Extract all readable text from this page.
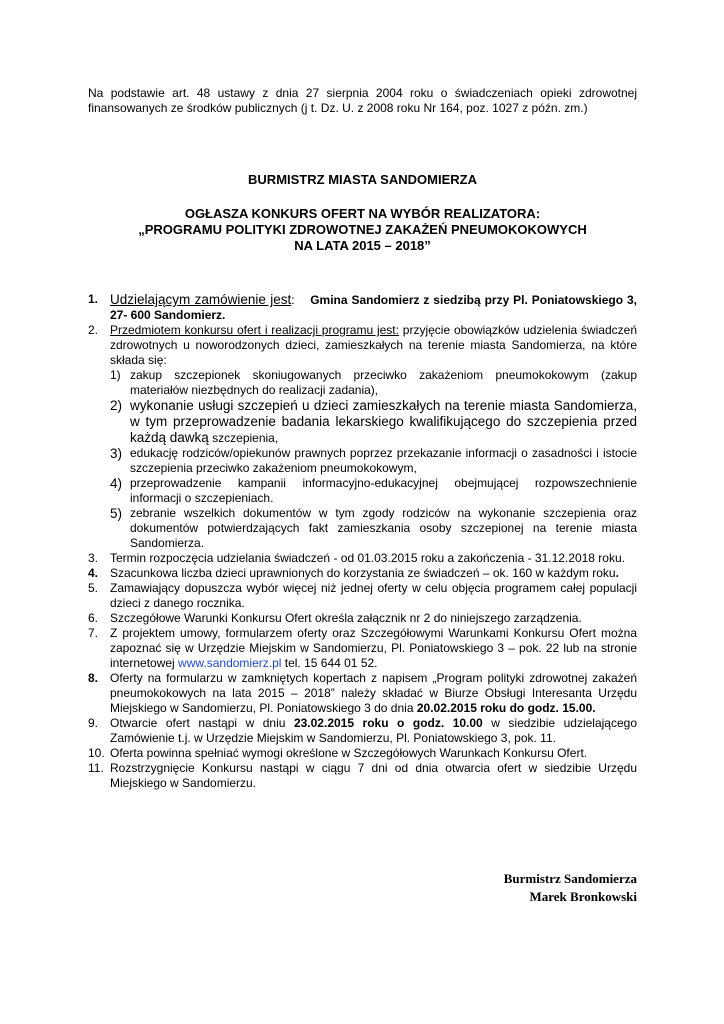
Na podstawie art. 48 ustawy z dnia 27 sierpnia 2004 roku o świadczeniach opieki zdrowotnej finansowanych ze środków publicznych (j t. Dz. U. z 2008 roku Nr 164, poz. 1027 z późn. zm.)

BURMISTRZ MIASTA SANDOMIERZA

OGŁASZA KONKURS OFERT NA WYBÓR REALIZATORA:
„PROGRAMU POLITYKI ZDROWOTNEJ ZAKAŻEŃ PNEUMOKOKOWYCH
NA LATA 2015 – 2018”

1. Udzielającym zamówienie jest: Gmina Sandomierz z siedzibą przy Pl. Poniatowskiego 3, 27- 600 Sandomierz.

2. Przedmiotem konkursu ofert i realizacji programu jest: przyjęcie obowiązków udzielenia świadczeń zdrowotnych u noworodzonych dzieci, zamieszkałych na terenie miasta Sandomierza, na które składa się:

1) zakup szczepionek skoniugowanych przeciwko zakażeniom pneumokokowym (zakup materiałów niezbędnych do realizacji zadania),

2) wykonanie usługi szczepień u dzieci zamieszkałych na terenie miasta Sandomierza, w tym przeprowadzenie badania lekarskiego kwalifikującego do szczepienia przed każdą dawką szczepienia,

3) edukację rodziców/opiekunów prawnych poprzez przekazanie informacji o zasadności i istocie szczepienia przeciwko zakażeniom pneumokokowym,

4) przeprowadzenie kampanii informacyjno-edukacyjnej obejmującej rozpowszechnienie informacji o szczepieniach.

5) zebranie wszelkich dokumentów w tym zgody rodziców na wykonanie szczepienia oraz dokumentów potwierdzających fakt zamieszkania osoby szczepionej na terenie miasta Sandomierza.

3. Termin rozpoczęcia udzielania świadczeń - od 01.03.2015 roku a zakończenia - 31.12.2018 roku.

4. Szacunkowa liczba dzieci uprawnionych do korzystania ze świadczeń – ok. 160 w każdym roku.

5. Zamawiający dopuszcza wybór więcej niż jednej oferty w celu objęcia programem całej populacji dzieci z danego rocznika.

6. Szczegółowe Warunki Konkursu Ofert określa załącznik nr 2 do niniejszego zarządzenia.

7. Z projektem umowy, formularzem oferty oraz Szczegółowymi Warunkami Konkursu Ofert można zapoznać się w Urzędzie Miejskim w Sandomierzu, Pl. Poniatowskiego 3 – pok. 22 lub na stronie internetowej www.sandomierz.pl tel. 15 644 01 52.

8. Oferty na formularzu w zamkniętych kopertach z napisem „Program polityki zdrowotnej zakażeń pneumokokowych na lata 2015 – 2018” należy składać w Biurze Obsługi Interesanta Urzędu Miejskiego w Sandomierzu, Pl. Poniatowskiego 3 do dnia 20.02.2015 roku do godz. 15.00.

9. Otwarcie ofert nastąpi w dniu 23.02.2015 roku o godz. 10.00 w siedzibie udzielającego Zamówienie t.j. w Urzędzie Miejskim w Sandomierzu, Pl. Poniatowskiego 3, pok. 11.

10. Oferta powinna spełniać wymogi określone w Szczegółowych Warunkach Konkursu Ofert.

11. Rozstrzygnięcie Konkursu nastąpi w ciągu 7 dni od dnia otwarcia ofert w siedzibie Urzędu Miejskiego w Sandomierzu.

Burmistrz Sandomierza
Marek Bronkowski
